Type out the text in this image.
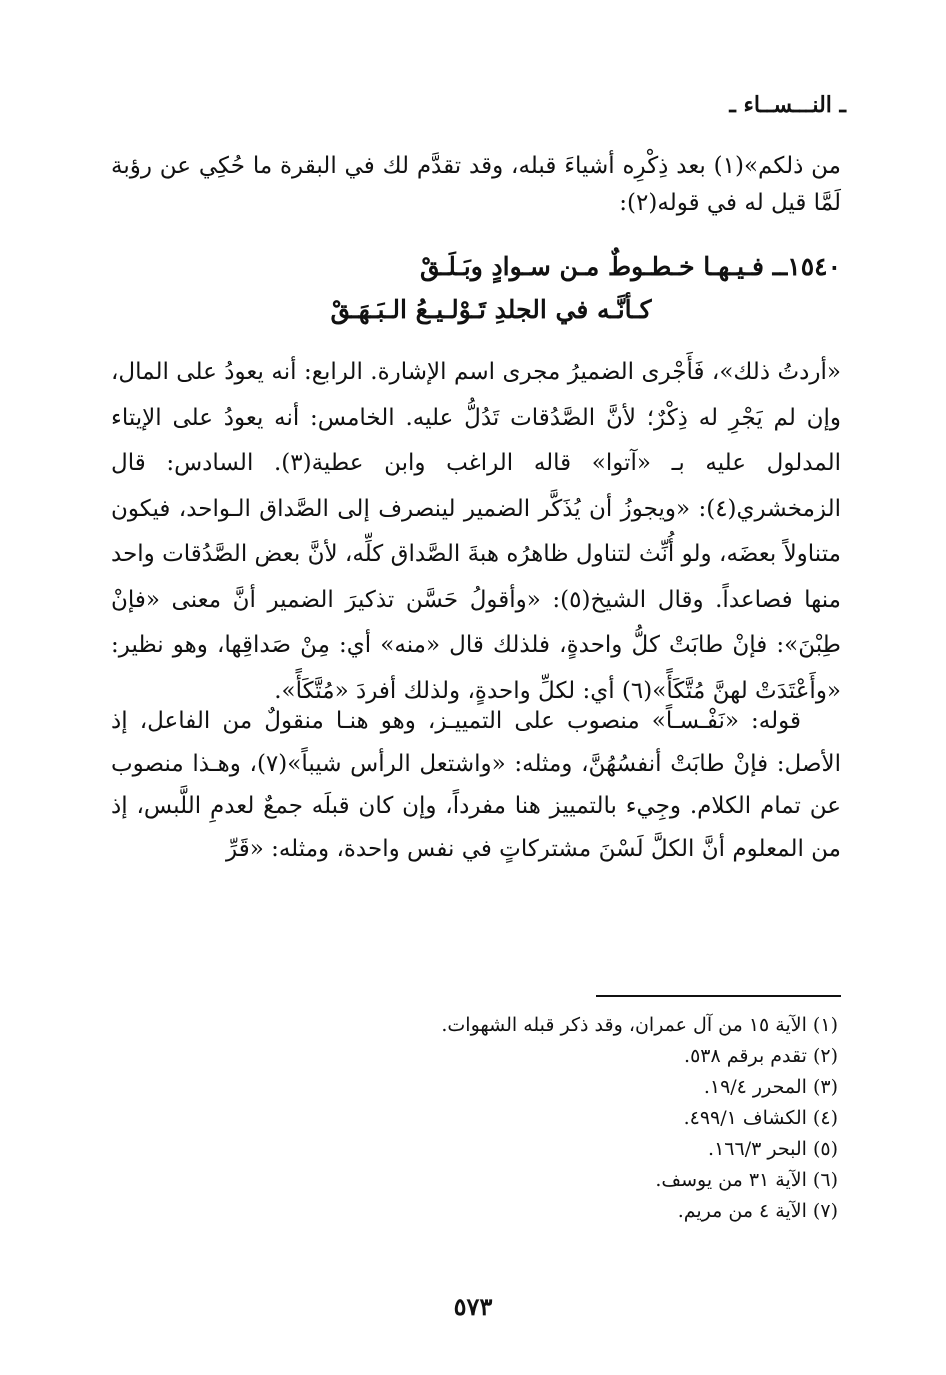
ـ النـــســاء ـ

من ذلكم»(١) بعد ذِكْرِه أشياءَ قبله، وقد تقدَّم لك في البقرة ما حُكِي عن رؤبة لَمَّا قيل له في قوله(٢):

١٥٤٠ــ فـيـهـا خـطـوطٌ مـن سـوادٍ وبَـلَـقْ
كـأنَّـه في الجلدِ تَـوْلـيـعُ الـبَـهَـقْ

«أردتُ ذلك»، فَأَجْرى الضميرُ مجرى اسم الإشارة. الرابع: أنه يعودُ على المال، وإن لم يَجْرِ له ذِكْرٌ؛ لأنَّ الصَّدُقات تَدُلُّ عليه. الخامس: أنه يعودُ على الإيتاء المدلول عليه بـ «آتوا» قاله الراغب وابن عطية(٣). السادس: قال الزمخشري(٤): «ويجوزُ أن يُذَكَّر الضمير لينصرف إلى الصَّداق الـواحد، فيكون متناولاً بعضَه، ولو أُنِّث لتناول ظاهرُه هبةَ الصَّداق كلِّه، لأنَّ بعض الصَّدُقات واحد منها فصاعداً. وقال الشيخ(٥): «وأقولُ حَسَّن تذكيرَ الضمير أنَّ معنى «فإنْ طِبْنَ»: فإنْ طابَتْ كلُّ واحدةٍ، فلذلك قال «منه» أي: مِنْ صَداقِها، وهو نظير: «وأَعْتَدَتْ لهنَّ مُتَّكَأً»(٦) أي: لكلِّ واحدةٍ، ولذلك أفردَ «مُتَّكَأً».

قوله: «نَفْـسـاً» منصوب على التمييـز، وهو هنـا منقولٌ من الفاعل، إذ الأصل: فإنْ طابَتْ أنفسُهُنَّ، ومثله: «واشتعل الرأس شيباً»(٧)، وهـذا منصوب عن تمام الكلام. وجِيء بالتمييز هنا مفرداً، وإن كان قبلَه جمعٌ لعدمِ اللَّبس، إذ من المعلوم أنَّ الكلَّ لَسْنَ مشتركاتٍ في نفس واحدة، ومثله: «قَرِّ

(١) الآية ١٥ من آل عمران، وقد ذكر قبله الشهوات.
(٢) تقدم برقم ٥٣٨.
(٣) المحرر ١٩/٤.
(٤) الكشاف ٤٩٩/١.
(٥) البحر ١٦٦/٣.
(٦) الآية ٣١ من يوسف.
(٧) الآية ٤ من مريم.
٥٧٣
